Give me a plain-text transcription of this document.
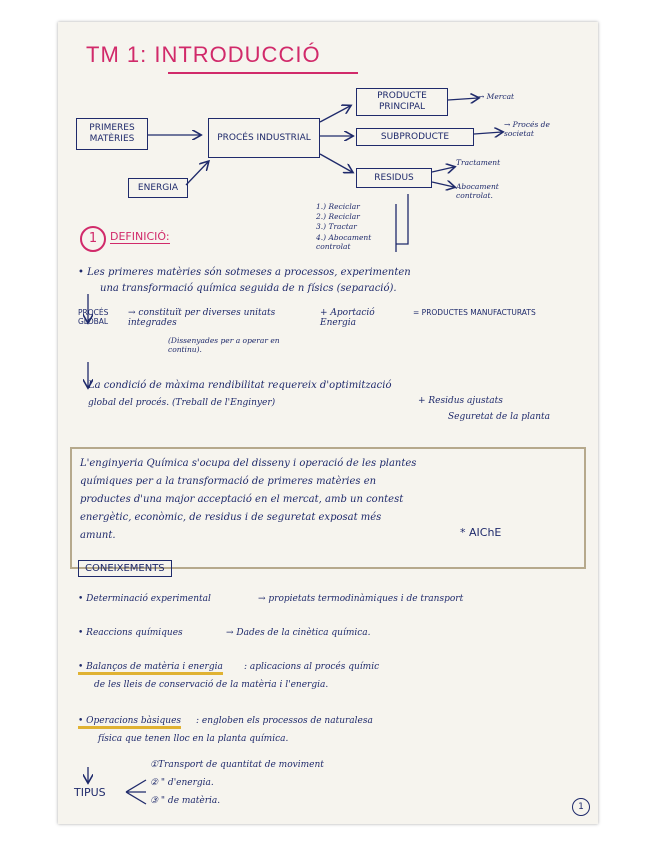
TM 1: INTRODUCCIÓ
PRIMERES MATÈRIES	PROCÉS INDUSTRIAL
ENERGIA
PRODUCTE PRINCIPAL
SUBPRODUCTE
RESIDUS
→ Mercat
→ Procés de societat
Tractament
Abocament controlat.
1.) Reciclar
2.) Reciclar
3.) Tractar
4.) Abocament controlat
1	DEFINICIÓ:
• Les primeres matèries són sotmeses a processos, experimenten
una transformació química seguida de n físics (separació).
PROCÉS GLOBAL
→ constituït per diverses unitats integrades
(Dissenyades per a operar en continu).
+ Aportació Energia
= PRODUCTES MANUFACTURATS
La condició de màxima rendibilitat requereix d'optimització
global del procés. (Treball de l'Enginyer)	+ Residus ajustats
Seguretat de la planta
L'enginyeria Química s'ocupa del disseny i operació de les plantes
químiques per a la transformació de primeres matèries en
productes d'una major acceptació en el mercat, amb un contest
energètic, econòmic, de residus i de seguretat exposat més
amunt.	* AIChE
CONEIXEMENTS
• Determinació experimental	→ propietats termodinàmiques i de transport
• Reaccions químiques	→ Dades de la cinètica química.
• Balanços de matèria i energia : aplicacions al procés químic
de les lleis de conservació de la matèria i l'energia.
• Operacions bàsiques : engloben els processos de naturalesa
física que tenen lloc en la planta química.
TIPUS
①Transport de quantitat de moviment
② " d'energia.
③ " de matèria.
1
